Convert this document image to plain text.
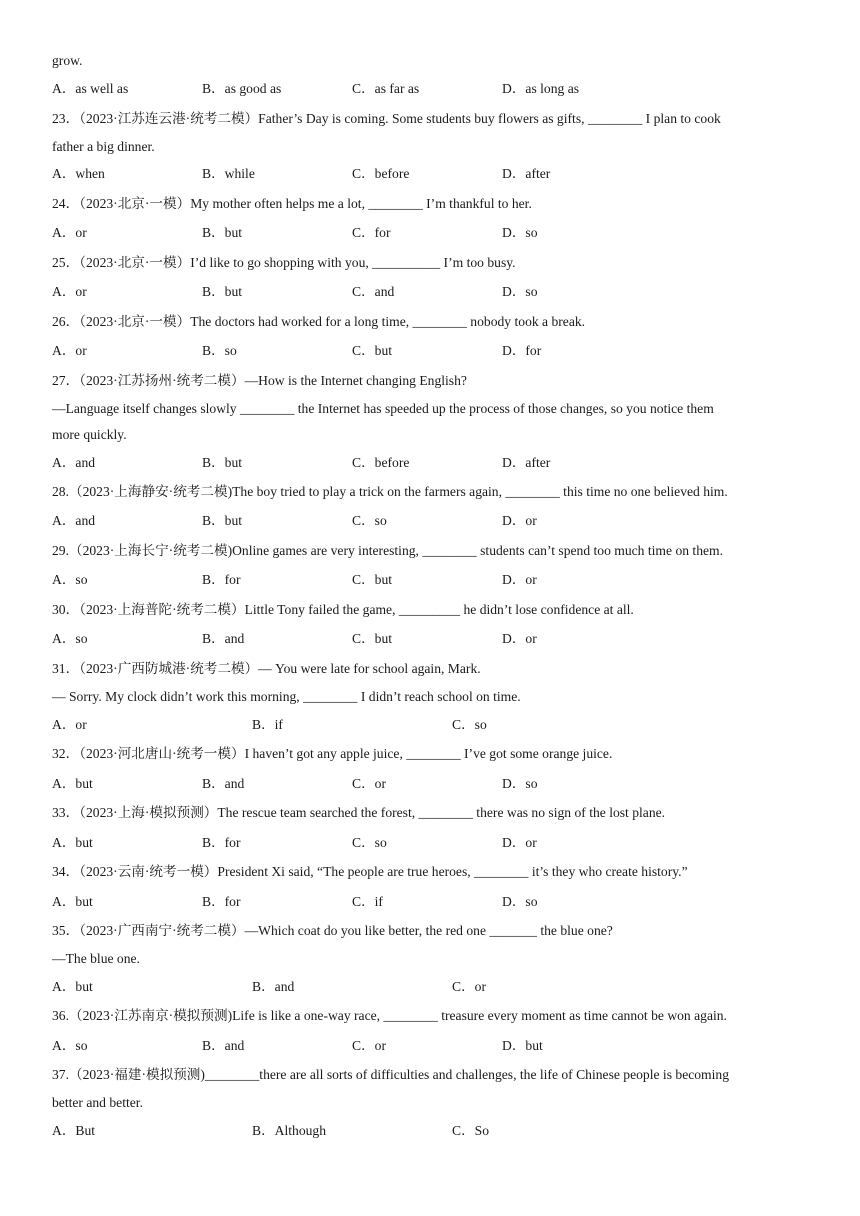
grow.
A．as well as	B．as good as	C．as far as	D．as long as
23．（2023·江苏连云港·统考二模）Father’s Day is coming. Some students buy flowers as gifts, ________ I plan to cook
father a big dinner.
A．when	B．while	C．before	D．after
24．（2023·北京·一模）My mother often helps me a lot, ________ I’m thankful to her.
A．or	B．but	C．for	D．so
25．（2023·北京·一模）I’d like to go shopping with you, __________ I’m too busy.
A．or	B．but	C．and	D．so
26．（2023·北京·一模）The doctors had worked for a long time, ________ nobody took a break.
A．or	B．so	C．but	D．for
27．（2023·江苏扬州·统考二模）—How is the Internet changing English?
—Language itself changes slowly ________ the Internet has speeded up the process of those changes, so you notice them
more quickly.
A．and	B．but	C．before	D．after
28.（2023·上海静安·统考二模)The boy tried to play a trick on the farmers again, ________ this time no one believed him.
A．and	B．but	C．so	D．or
29.（2023·上海长宁·统考二模)Online games are very interesting, ________ students can’t spend too much time on them.
A．so	B．for	C．but	D．or
30．（2023·上海普陀·统考二模）Little Tony failed the game, _________ he didn’t lose confidence at all.
A．so	B．and	C．but	D．or
31．（2023·广西防城港·统考二模）— You were late for school again, Mark.
— Sorry. My clock didn’t work this morning, ________ I didn’t reach school on time.
A．or	B．if	C．so
32．（2023·河北唐山·统考一模）I haven’t got any apple juice, ________ I’ve got some orange juice.
A．but	B．and	C．or	D．so
33．（2023·上海·模拟预测）The rescue team searched the forest, ________ there was no sign of the lost plane.
A．but	B．for	C．so	D．or
34．（2023·云南·统考一模）President Xi said, “The people are true heroes, ________ it’s they who create history.”
A．but	B．for	C．if	D．so
35．（2023·广西南宁·统考二模）—Which coat do you like better, the red one _______ the blue one?
—The blue one.
A．but	B．and	C．or
36.（2023·江苏南京·模拟预测)Life is like a one-way race, ________ treasure every moment as time cannot be won again.
A．so	B．and	C．or	D．but
37.（2023·福建·模拟预测)________there are all sorts of difficulties and challenges, the life of Chinese people is becoming
better and better.
A．But	B．Although	C．So
